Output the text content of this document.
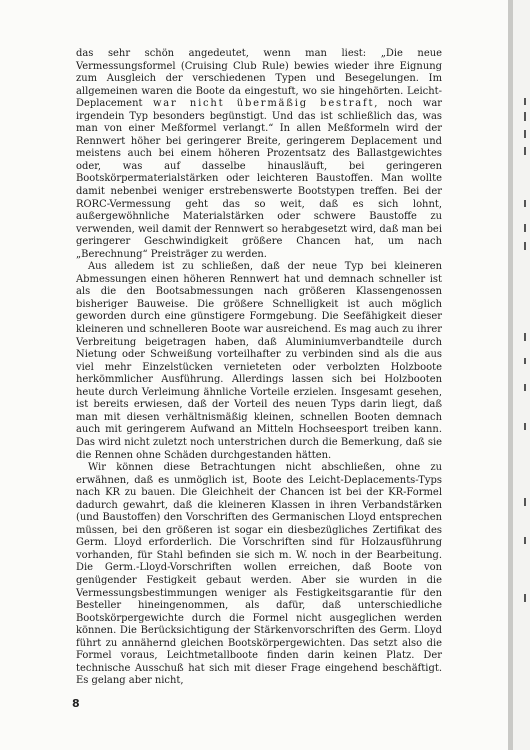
das sehr schön angedeutet, wenn man liest: „Die neue Vermessungsformel (Cruising Club Rule) bewies wieder ihre Eignung zum Ausgleich der verschiedenen Typen und Besegelungen. Im allgemeinen waren die Boote da eingestuft, wo sie hingehörten. Leicht-Deplacement war nicht übermäßig bestraft, noch war irgendein Typ besonders begünstigt. Und das ist schließlich das, was man von einer Meßformel verlangt.“ In allen Meßformeln wird der Rennwert höher bei geringerer Breite, geringerem Deplacement und meistens auch bei einem höheren Prozentsatz des Ballastgewichtes oder, was auf dasselbe hinausläuft, bei geringeren Bootskörpermaterialstärken oder leichteren Baustoffen. Man wollte damit nebenbei weniger erstrebenswerte Bootstypen treffen. Bei der RORC-Vermessung geht das so weit, daß es sich lohnt, außergewöhnliche Materialstärken oder schwere Baustoffe zu verwenden, weil damit der Rennwert so herabgesetzt wird, daß man bei geringerer Geschwindigkeit größere Chancen hat, um nach „Berechnung“ Preisträger zu werden.

Aus alledem ist zu schließen, daß der neue Typ bei kleineren Abmessungen einen höheren Rennwert hat und demnach schneller ist als die den Bootsabmessungen nach größeren Klassengenossen bisheriger Bauweise. Die größere Schnelligkeit ist auch möglich geworden durch eine günstigere Formgebung. Die Seefähigkeit dieser kleineren und schnelleren Boote war ausreichend. Es mag auch zu ihrer Verbreitung beigetragen haben, daß Aluminiumverbandteile durch Nietung oder Schweißung vorteilhafter zu verbinden sind als die aus viel mehr Einzelstücken vernieteten oder verbolzten Holzboote herkömmlicher Ausführung. Allerdings lassen sich bei Holzbooten heute durch Verleimung ähnliche Vorteile erzielen. Insgesamt gesehen, ist bereits erwiesen, daß der Vorteil des neuen Typs darin liegt, daß man mit diesen verhältnismäßig kleinen, schnellen Booten demnach auch mit geringerem Aufwand an Mitteln Hochseesport treiben kann. Das wird nicht zuletzt noch unterstrichen durch die Bemerkung, daß sie die Rennen ohne Schäden durchgestanden hätten.

Wir können diese Betrachtungen nicht abschließen, ohne zu erwähnen, daß es unmöglich ist, Boote des Leicht-Deplacements-Typs nach KR zu bauen. Die Gleichheit der Chancen ist bei der KR-Formel dadurch gewahrt, daß die kleineren Klassen in ihren Verbandstärken (und Baustoffen) den Vorschriften des Germanischen Lloyd entsprechen müssen, bei den größeren ist sogar ein diesbezügliches Zertifikat des Germ. Lloyd erforderlich. Die Vorschriften sind für Holzausführung vorhanden, für Stahl befinden sie sich m. W. noch in der Bearbeitung. Die Germ.-Lloyd-Vorschriften wollen erreichen, daß Boote von genügender Festigkeit gebaut werden. Aber sie wurden in die Vermessungsbestimmungen weniger als Festigkeitsgarantie für den Besteller hineingenommen, als dafür, daß unterschiedliche Bootskörpergewichte durch die Formel nicht ausgeglichen werden können. Die Berücksichtigung der Stärkenvorschriften des Germ. Lloyd führt zu annähernd gleichen Bootskörpergewichten. Das setzt also die Formel voraus, Leichtmetallboote finden darin keinen Platz. Der technische Ausschuß hat sich mit dieser Frage eingehend beschäftigt. Es gelang aber nicht,

8
